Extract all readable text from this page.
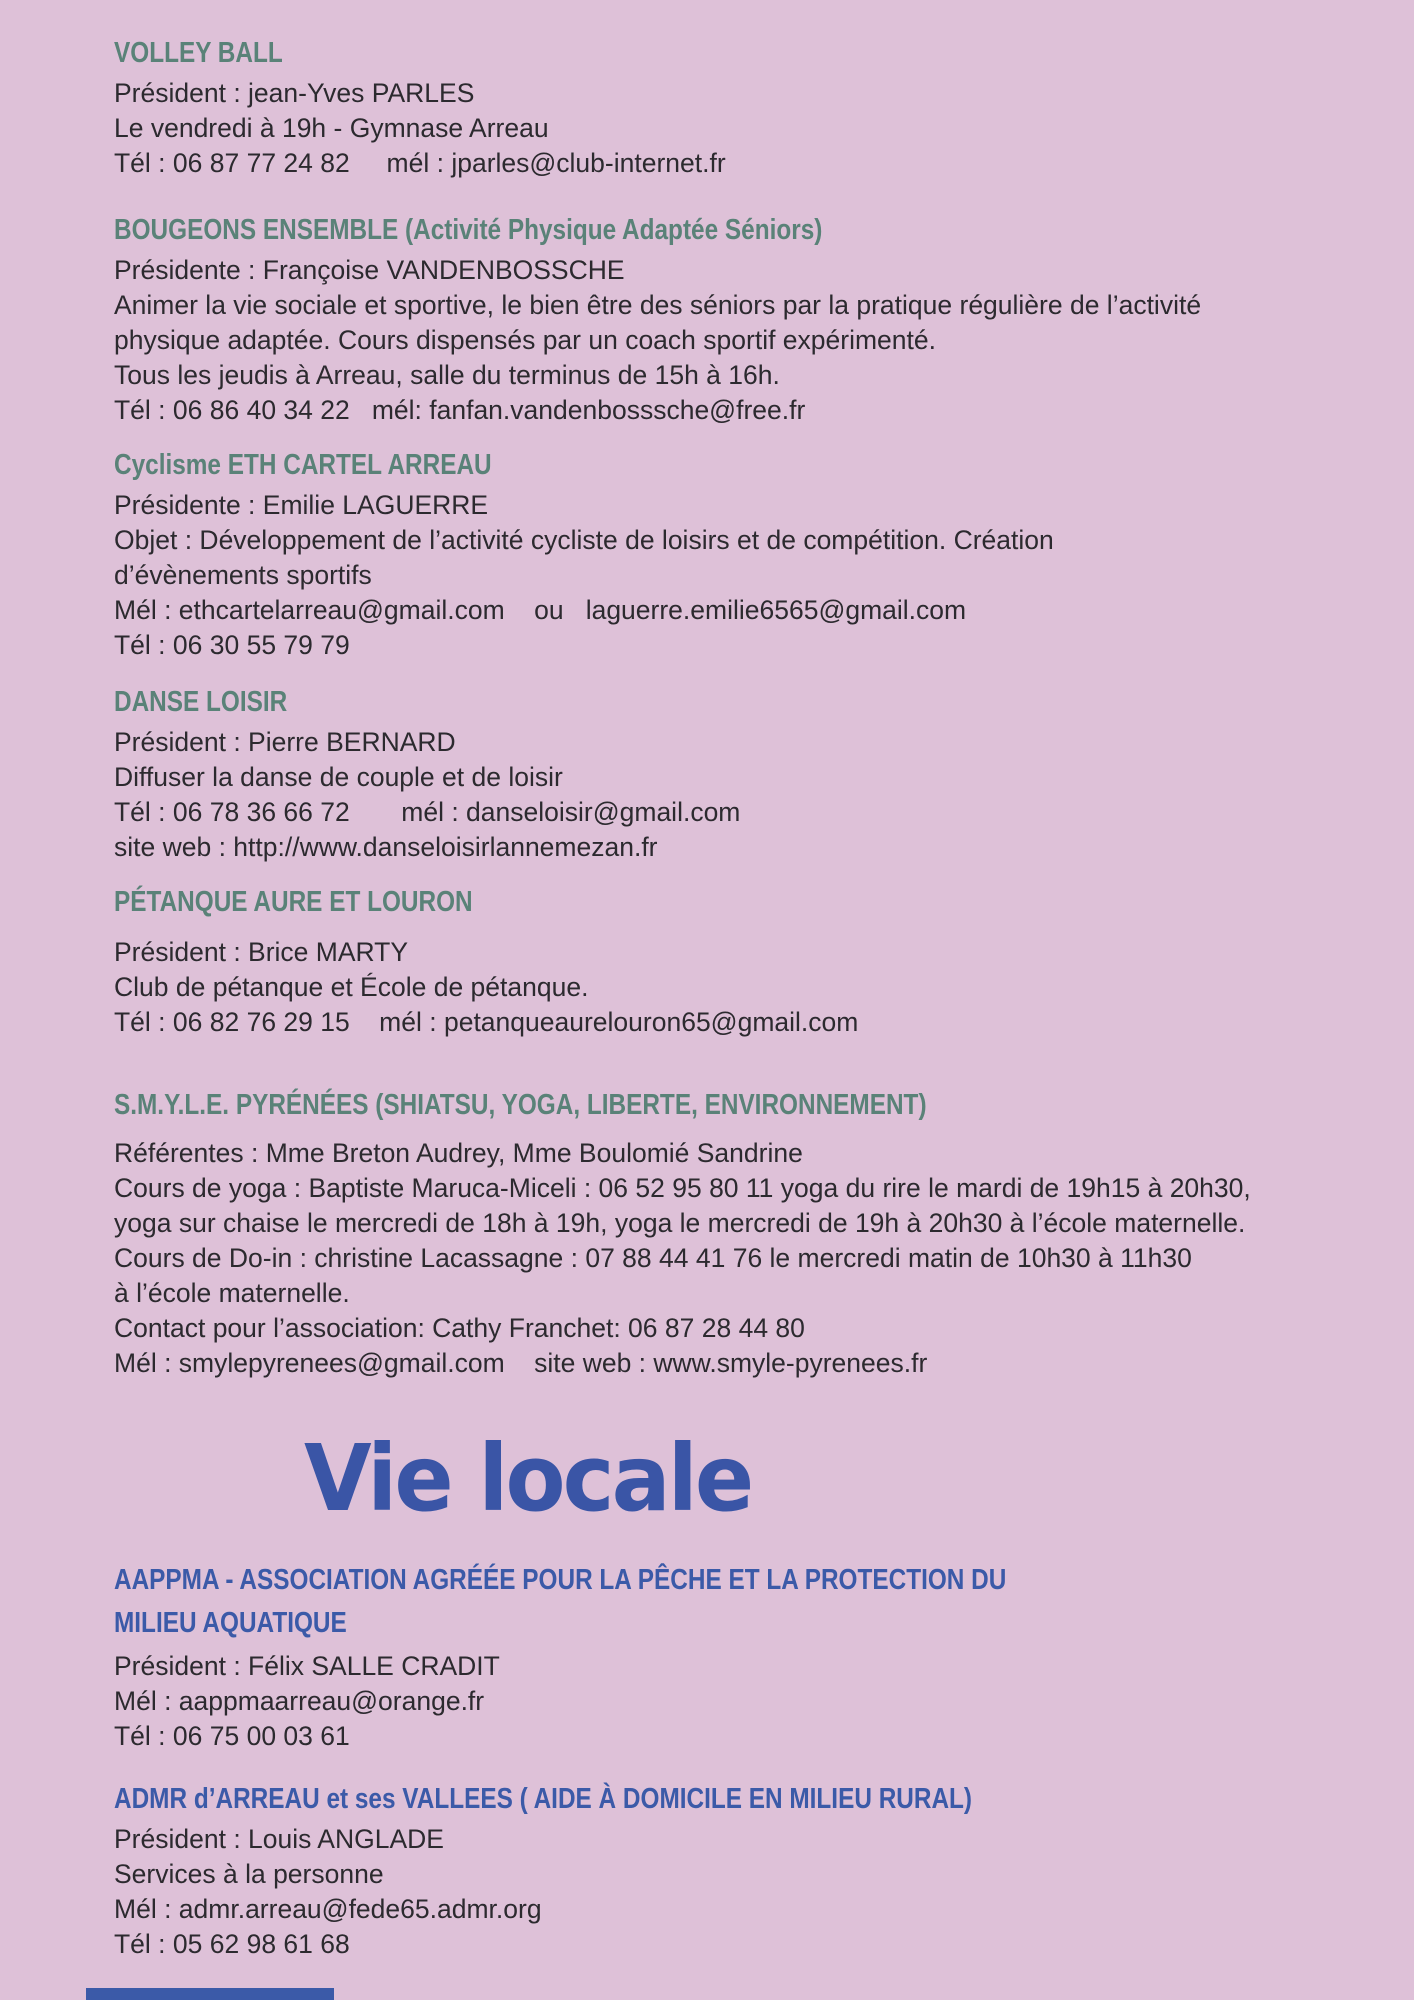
VOLLEY BALL
Président : jean-Yves PARLES
Le vendredi à 19h - Gymnase Arreau
Tél : 06 87 77 24 82     mél : jparles@club-internet.fr
BOUGEONS ENSEMBLE (Activité Physique Adaptée Séniors)
Présidente : Françoise VANDENBOSSCHE
Animer la vie sociale et sportive, le bien être des séniors par la pratique régulière de l’activité
physique adaptée. Cours dispensés par un coach sportif expérimenté.
Tous les jeudis à Arreau, salle du terminus de 15h à 16h.
Tél : 06 86 40 34 22   mél: fanfan.vandenbosssche@free.fr
Cyclisme ETH CARTEL ARREAU
Présidente : Emilie LAGUERRE
Objet : Développement de l’activité cycliste de loisirs et de compétition. Création
d’évènements sportifs
Mél : ethcartelarreau@gmail.com    ou   laguerre.emilie6565@gmail.com
Tél : 06 30 55 79 79
DANSE LOISIR
Président : Pierre BERNARD
Diffuser la danse de couple et de loisir
Tél : 06 78 36 66 72       mél : danseloisir@gmail.com
site web : http://www.danseloisirlannemezan.fr
PÉTANQUE AURE ET LOURON
Président : Brice MARTY
Club de pétanque et École de pétanque.
Tél : 06 82 76 29 15    mél : petanqueaurelouron65@gmail.com
S.M.Y.L.E. PYRÉNÉES (SHIATSU, YOGA, LIBERTE, ENVIRONNEMENT)
Référentes : Mme Breton Audrey, Mme Boulomié Sandrine
Cours de yoga : Baptiste Maruca-Miceli : 06 52 95 80 11 yoga du rire le mardi de 19h15 à 20h30,
yoga sur chaise le mercredi de 18h à 19h, yoga le mercredi de 19h à 20h30 à l’école maternelle.
Cours de Do-in : christine Lacassagne : 07 88 44 41 76 le mercredi matin de 10h30 à 11h30
à l’école maternelle.
Contact pour l’association: Cathy Franchet: 06 87 28 44 80
Mél : smylepyrenees@gmail.com    site web : www.smyle-pyrenees.fr
Vie locale
AAPPMA - ASSOCIATION AGRÉÉE POUR LA PÊCHE ET LA PROTECTION DU
MILIEU AQUATIQUE
Président : Félix SALLE CRADIT
Mél : aappmaarreau@orange.fr
Tél : 06 75 00 03 61
ADMR d’ARREAU et ses VALLEES ( AIDE À DOMICILE EN MILIEU RURAL)
Président : Louis ANGLADE
Services à la personne
Mél : admr.arreau@fede65.admr.org
Tél : 05 62 98 61 68
